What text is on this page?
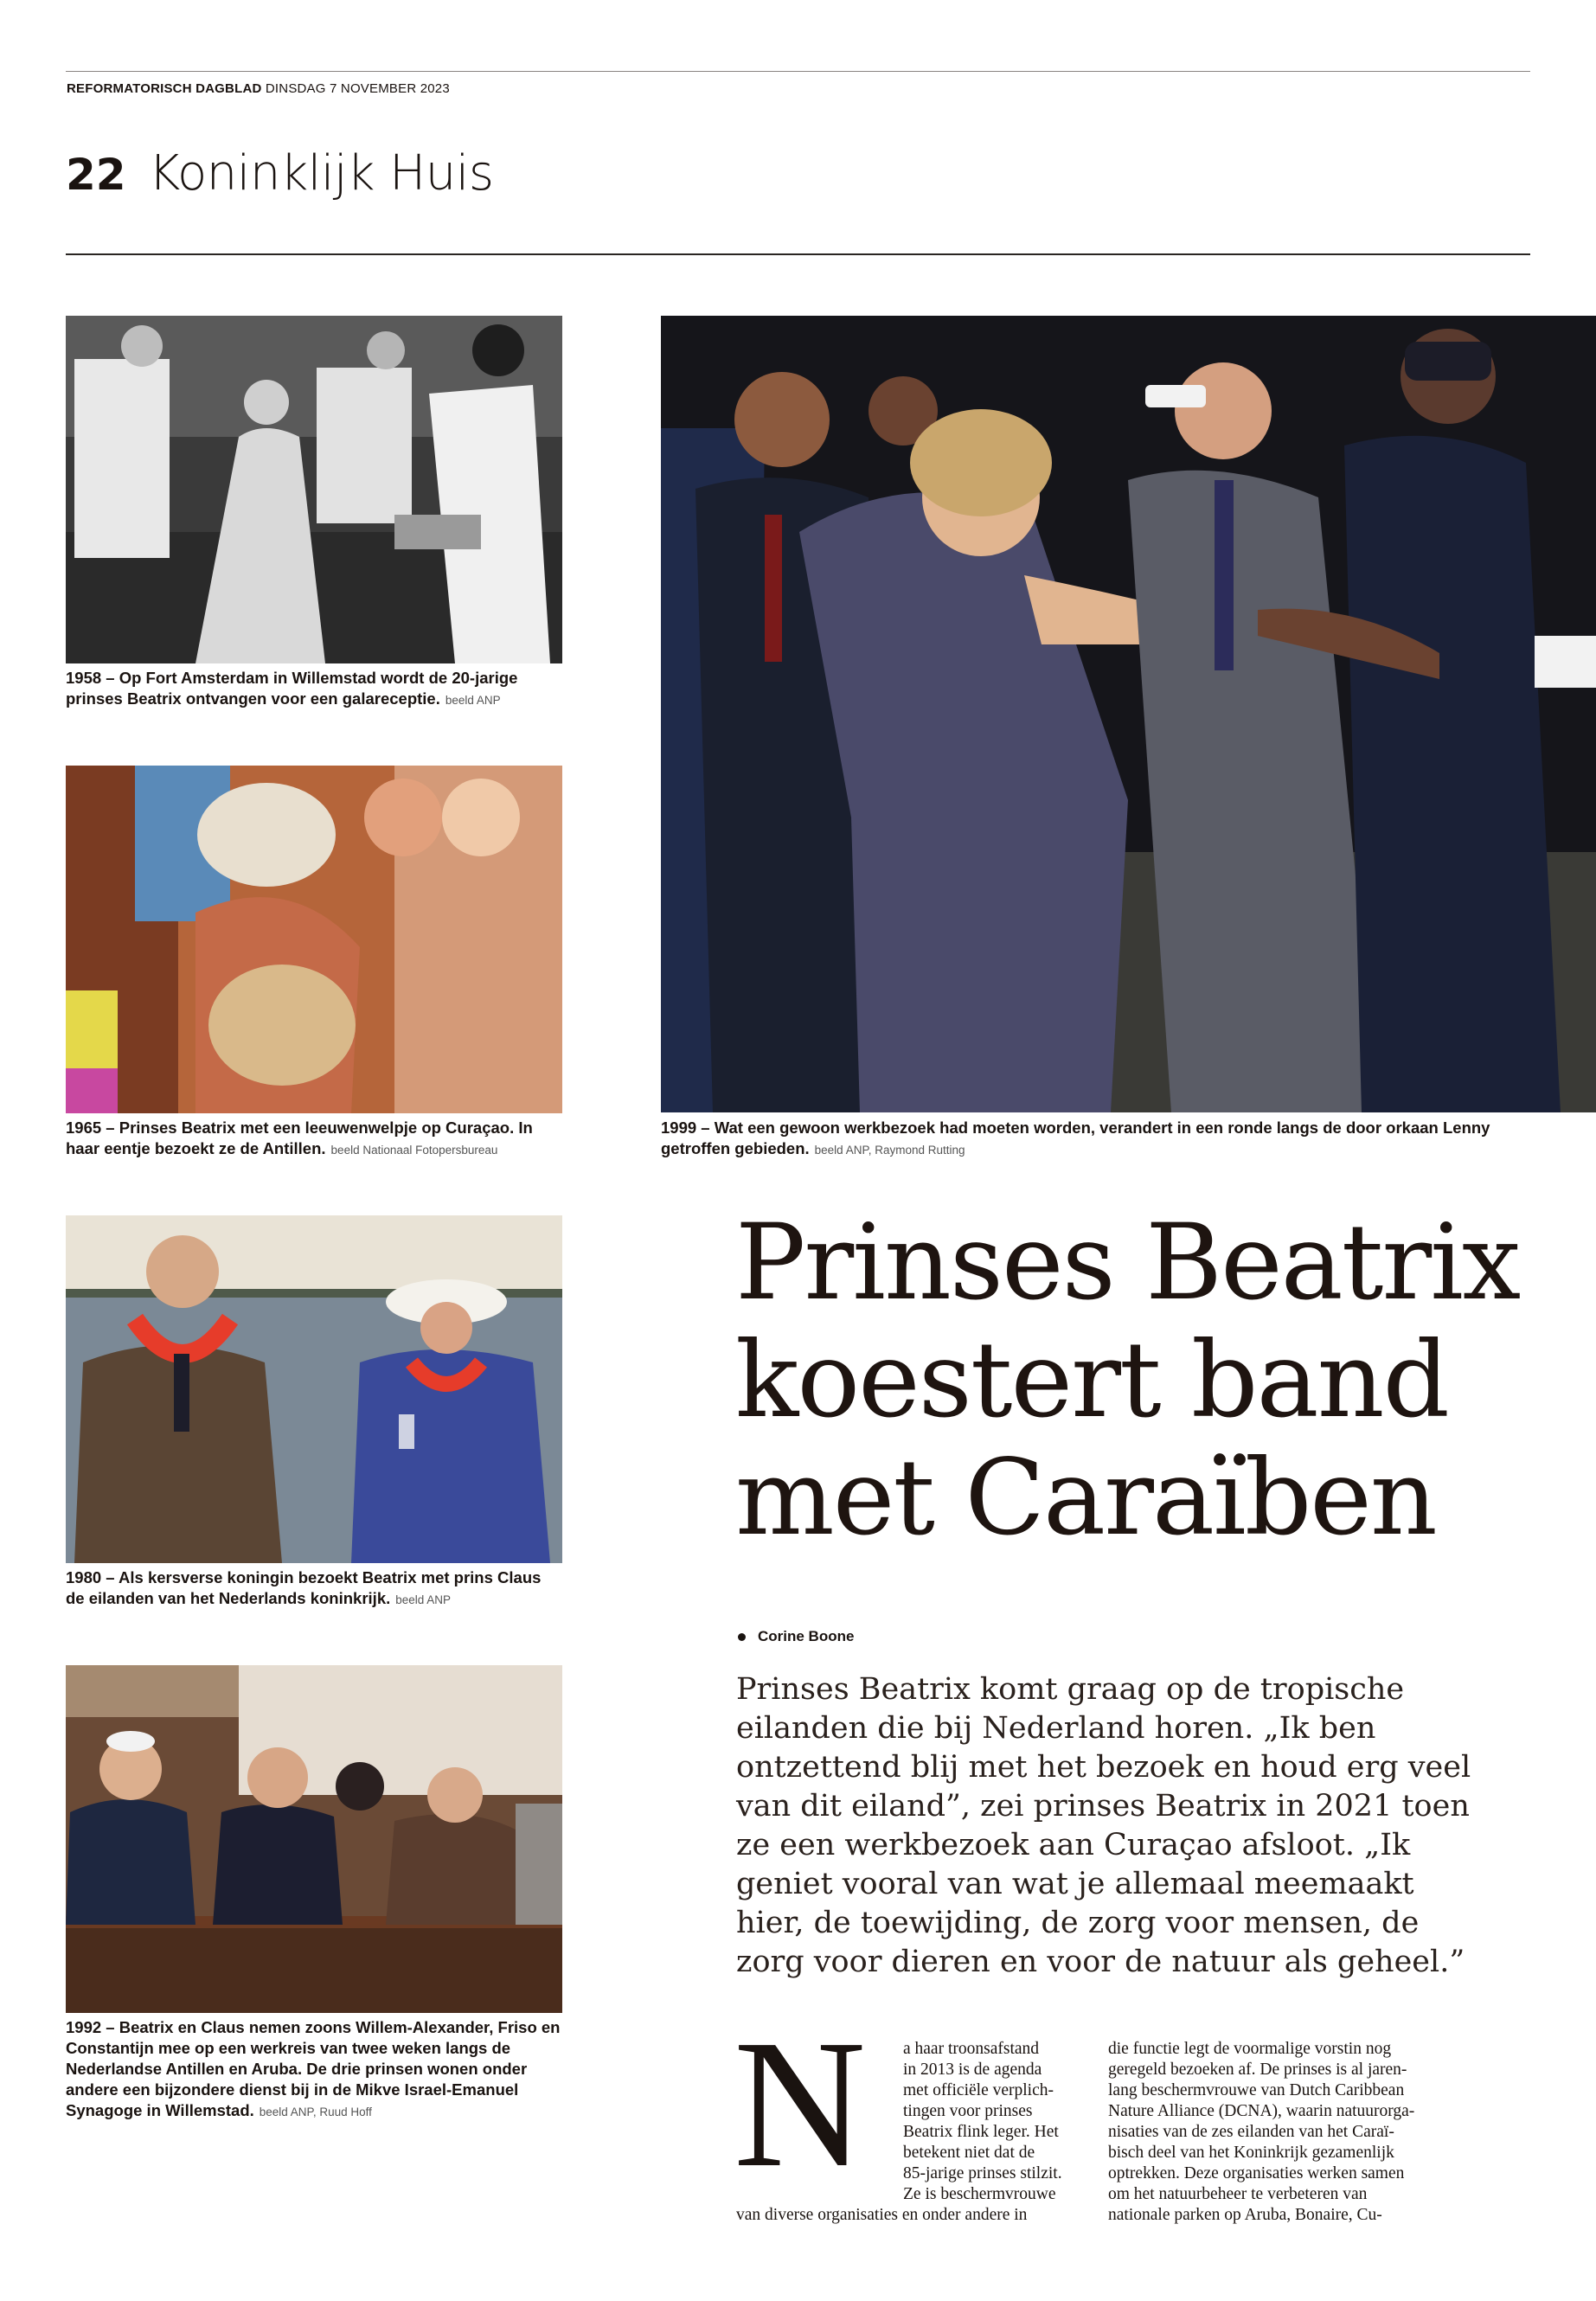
REFORMATORISCH DAGBLAD DINSDAG 7 NOVEMBER 2023
22 Koninklijk Huis
1958 – Op Fort Amsterdam in Willemstad wordt de 20-jarige prinses Beatrix ontvangen voor een galareceptie. beeld ANP
1965 – Prinses Beatrix met een leeuwenwelpje op Curaçao. In haar eentje bezoekt ze de Antillen. beeld Nationaal Fotopersbureau
1980 – Als kersverse koningin bezoekt Beatrix met prins Claus de eilanden van het Nederlands koninkrijk. beeld ANP
1992 – Beatrix en Claus nemen zoons Willem-Alexander, Friso en Constantijn mee op een werkreis van twee weken langs de Nederlandse Antillen en Aruba. De drie prinsen wonen onder andere een bijzondere dienst bij in de Mikve Israel-Emanuel Synagoge in Willemstad. beeld ANP, Ruud Hoff
1999 – Wat een gewoon werkbezoek had moeten worden, verandert in een ronde langs de door orkaan Lenny getroffen gebieden. beeld ANP, Raymond Rutting
Prinses Beatrix koestert band met Caraïben
Corine Boone

Prinses Beatrix komt graag op de tropische eilanden die bij Nederland horen. „Ik ben ontzettend blij met het bezoek en houd erg veel van dit eiland”, zei prinses Beatrix in 2021 toen ze een werkbezoek aan Curaçao afsloot. „Ik geniet vooral van wat je allemaal meemaakt hier, de toewijding, de zorg voor mensen, de zorg voor dieren en voor de natuur als geheel.”

N a haar troonsafstand
in 2013 is de agenda
met officiële verplich-
tingen voor prinses
Beatrix flink leger. Het
betekent niet dat de
85-jarige prinses stilzit.
Ze is beschermvrouwe
van diverse organisaties en onder andere in
die functie legt de voormalige vorstin nog
geregeld bezoeken af. De prinses is al jaren-
lang beschermvrouwe van Dutch Caribbean
Nature Alliance (DCNA), waarin natuurorga-
nisaties van de zes eilanden van het Caraï-
bisch deel van het Koninkrijk gezamenlijk
optrekken. Deze organisaties werken samen
om het natuurbeheer te verbeteren van
nationale parken op Aruba, Bonaire, Cu-
